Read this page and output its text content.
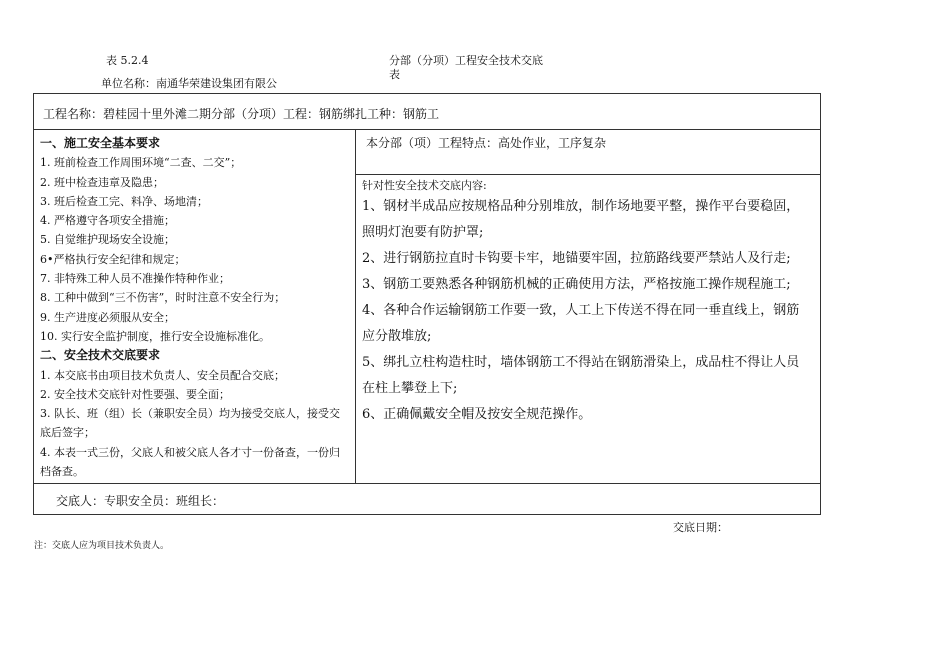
表 5.2.4
单位名称：南通华荣建设集团有限公
分部（分项）工程安全技术交底
表
工程名称：碧桂园十里外滩二期分部（分项）工程：钢筋绑扎工种：钢筋工
一、施工安全基本要求
1. 班前检查工作周围环境“二查、二交”；
2. 班中检查违章及隐患；
3. 班后检查工完、料净、场地清；
4. 严格遵守各项安全措施；
5. 自觉维护现场安全设施；
6•严格执行安全纪律和规定；
7. 非特殊工种人员不准操作特种作业；
8. 工种中做到“三不伤害”，时时注意不安全行为；
9. 生产进度必须服从安全；
10. 实行安全监护制度，推行安全设施标准化。
二、安全技术交底要求
1. 本交底书由项目技术负责人、安全员配合交底；
2. 安全技术交底针对性要强、要全面；
3. 队长、班（组）长（兼职安全员）均为接受交底人，接受交底后签字；
4. 本表一式三份，父底人和被父底人各才寸一份备查，一份归档备查。
本分部（项）工程特点：高处作业，工序复杂
针对性安全技术交底内容:
1、钢材半成品应按规格品种分别堆放，制作场地要平整，操作平台要稳固，照明灯泡要有防护罩;
2、进行钢筋拉直时卡钩要卡牢，地锚要牢固，拉筋路线要严禁站人及行走;
3、钢筋工要熟悉各种钢筋机械的正确使用方法，严格按施工操作规程施工;
4、各种合作运输钢筋工作要一致，人工上下传送不得在同一垂直线上，钢筋应分散堆放;
5、绑扎立柱构造柱时，墙体钢筋工不得站在钢筋滑染上，成品柱不得让人员在柱上攀登上下;
6、正确佩戴安全帽及按安全规范操作。
交底人：专职安全员：班组长：
交底日期：
注：交底人应为项目技术负责人。
